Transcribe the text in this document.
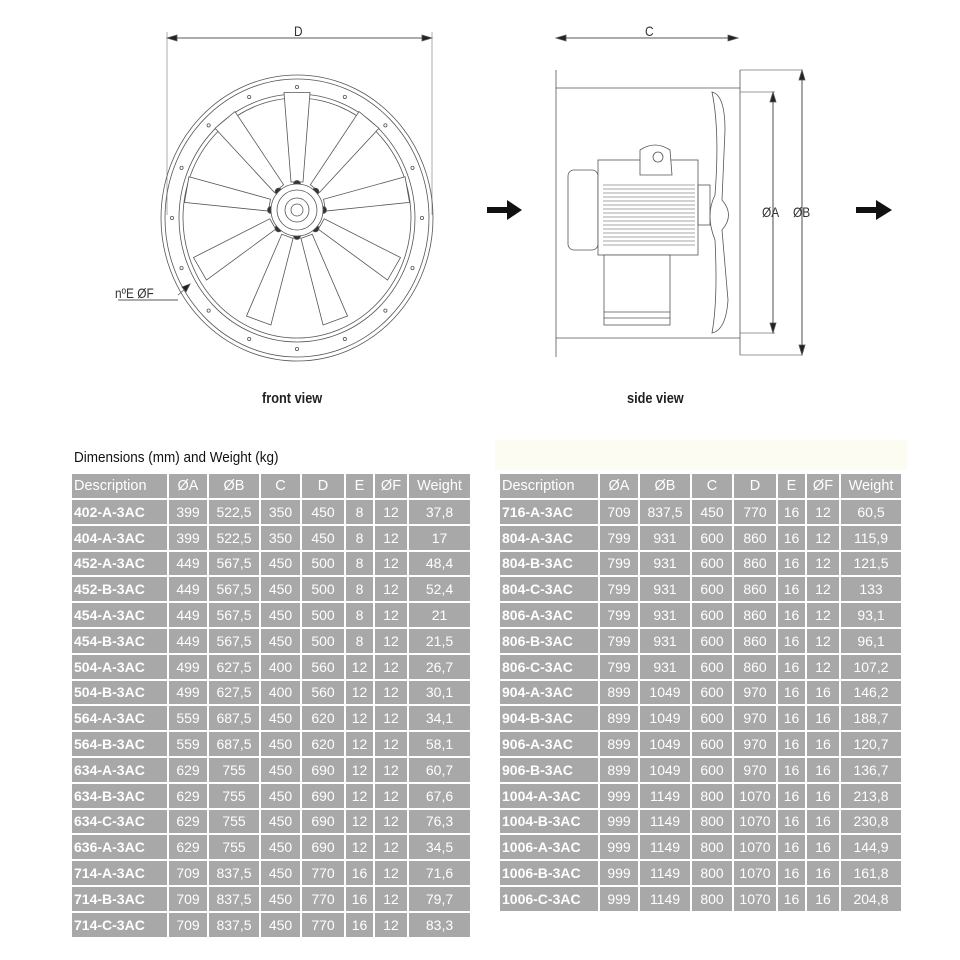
D	C
ØA ØB
nºE ØF
front view	side view
Dimensions (mm) and Weight (kg)
Description	ØA	ØB	C	D	E	ØF	Weight
402-A-3AC	399	522,5	350	450	8	12	37,8
404-A-3AC	399	522,5	350	450	8	12	17
452-A-3AC	449	567,5	450	500	8	12	48,4
452-B-3AC	449	567,5	450	500	8	12	52,4
454-A-3AC	449	567,5	450	500	8	12	21
454-B-3AC	449	567,5	450	500	8	12	21,5
504-A-3AC	499	627,5	400	560	12	12	26,7
504-B-3AC	499	627,5	400	560	12	12	30,1
564-A-3AC	559	687,5	450	620	12	12	34,1
564-B-3AC	559	687,5	450	620	12	12	58,1
634-A-3AC	629	755	450	690	12	12	60,7
634-B-3AC	629	755	450	690	12	12	67,6
634-C-3AC	629	755	450	690	12	12	76,3
636-A-3AC	629	755	450	690	12	12	34,5
714-A-3AC	709	837,5	450	770	16	12	71,6
714-B-3AC	709	837,5	450	770	16	12	79,7
714-C-3AC	709	837,5	450	770	16	12	83,3
Description	ØA	ØB	C	D	E	ØF	Weight
716-A-3AC	709	837,5	450	770	16	12	60,5
804-A-3AC	799	931	600	860	16	12	115,9
804-B-3AC	799	931	600	860	16	12	121,5
804-C-3AC	799	931	600	860	16	12	133
806-A-3AC	799	931	600	860	16	12	93,1
806-B-3AC	799	931	600	860	16	12	96,1
806-C-3AC	799	931	600	860	16	12	107,2
904-A-3AC	899	1049	600	970	16	16	146,2
904-B-3AC	899	1049	600	970	16	16	188,7
906-A-3AC	899	1049	600	970	16	16	120,7
906-B-3AC	899	1049	600	970	16	16	136,7
1004-A-3AC	999	1149	800	1070	16	16	213,8
1004-B-3AC	999	1149	800	1070	16	16	230,8
1006-A-3AC	999	1149	800	1070	16	16	144,9
1006-B-3AC	999	1149	800	1070	16	16	161,8
1006-C-3AC	999	1149	800	1070	16	16	204,8
